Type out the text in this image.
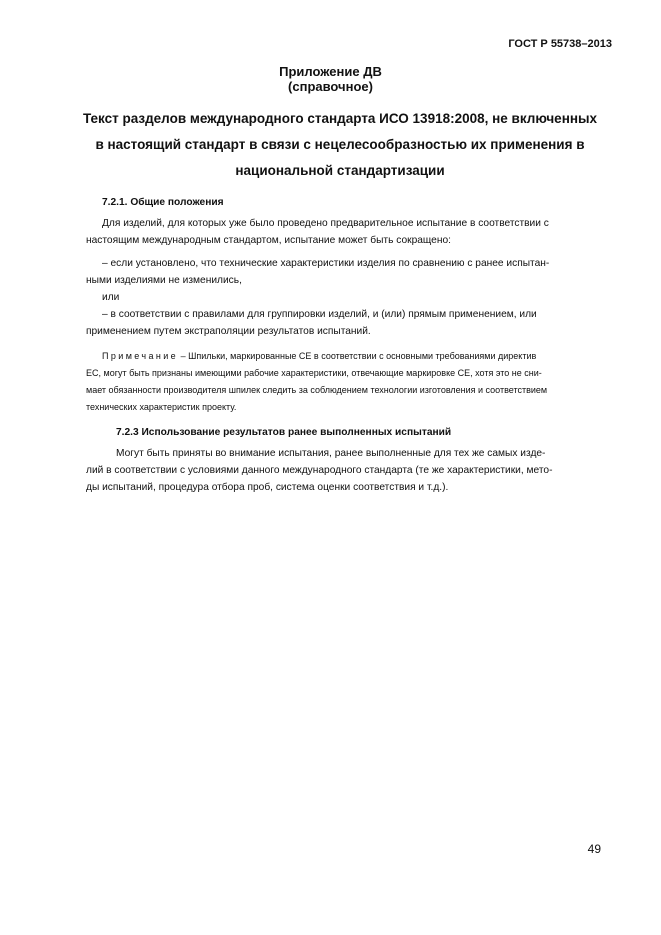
ГОСТ Р 55738–2013
Приложение ДВ
(справочное)
Текст разделов международного стандарта ИСО 13918:2008, не включенных
в настоящий стандарт в связи с нецелесообразностью их применения в
национальной стандартизации
7.2.1. Общие положения
Для изделий, для которых уже было проведено предварительное испытание в соответствии с
настоящим международным стандартом, испытание может быть сокращено:
– если установлено, что технические характеристики изделия по сравнению с ранее испытан-
ными изделиями не изменились,
или
– в соответствии с правилами для группировки изделий, и (или) прямым применением, или
применением путем экстраполяции результатов испытаний.
Примечание – Шпильки, маркированные CE в соответствии с основными требованиями директив
EC, могут быть признаны имеющими рабочие характеристики, отвечающие маркировке CE, хотя это не сни-
мает обязанности производителя шпилек следить за соблюдением технологии изготовления и соответствием
технических характеристик проекту.
7.2.3 Использование результатов ранее выполненных испытаний
Могут быть приняты во внимание испытания, ранее выполненные для тех же самых изде-
лий в соответствии с условиями данного международного стандарта (те же характеристики, мето-
ды испытаний, процедура отбора проб, система оценки соответствия и т.д.).
49
